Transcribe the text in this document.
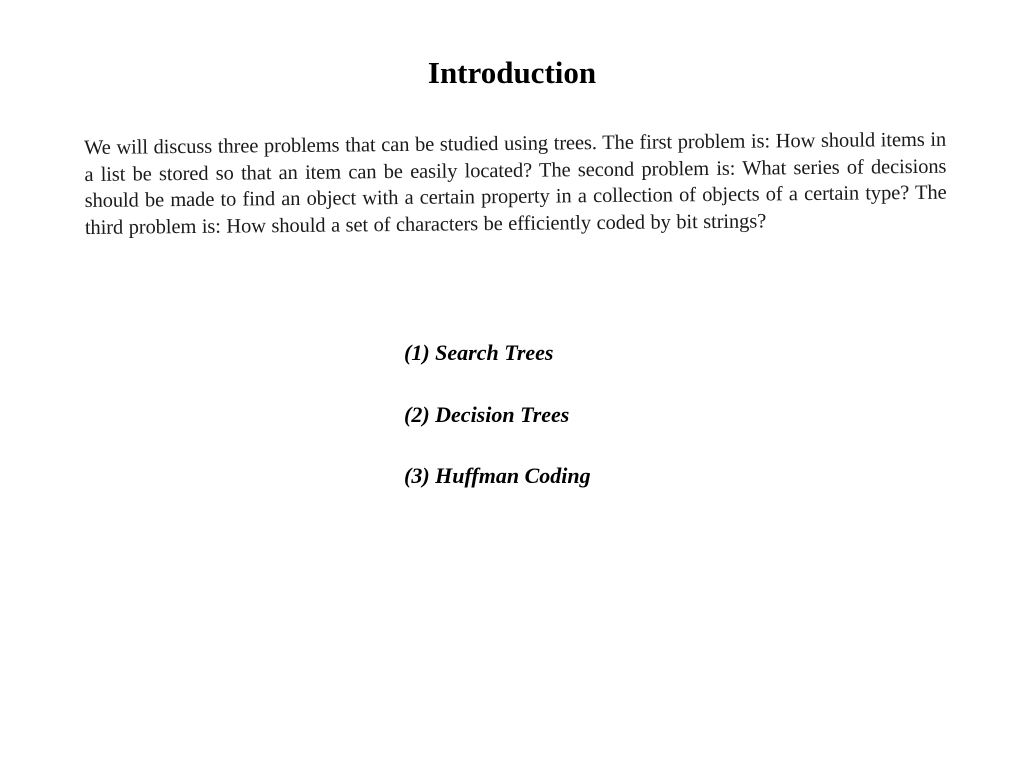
Introduction

We will discuss three problems that can be studied using trees. The first problem is: How should items in a list be stored so that an item can be easily located? The second problem is: What series of decisions should be made to find an object with a certain property in a collection of objects of a certain type? The third problem is: How should a set of characters be efficiently coded by bit strings?

(1) Search Trees
(2) Decision Trees
(3) Huffman Coding
